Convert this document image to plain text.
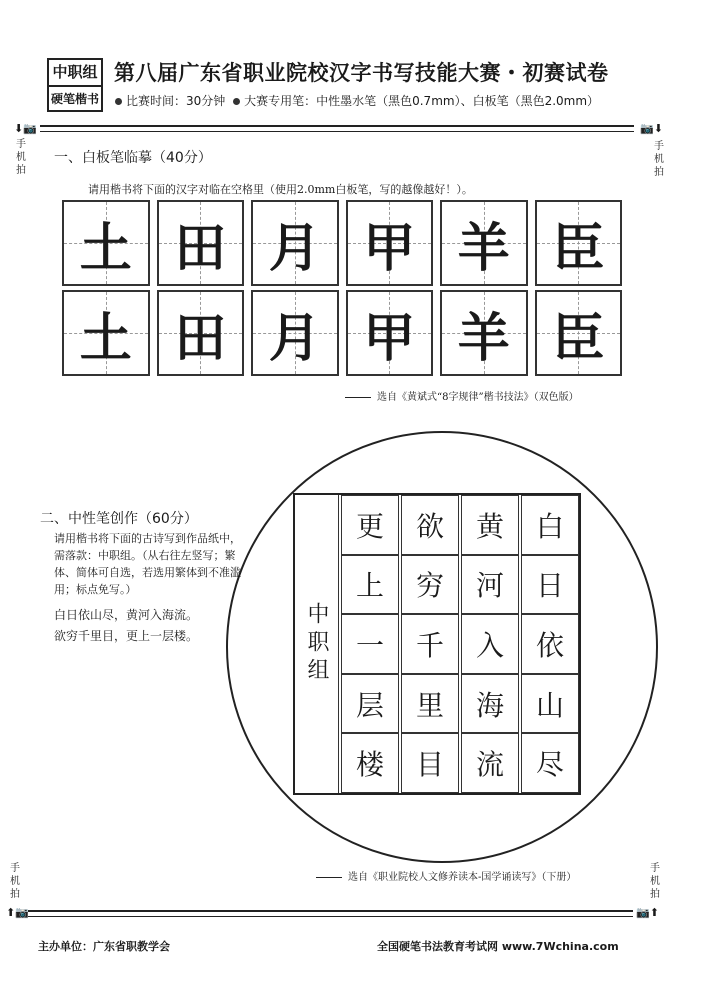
中职组
硬笔楷书
第八届广东省职业院校汉字书写技能大赛・初赛试卷
比赛时间：30分钟 大赛专用笔：中性墨水笔（黑色0.7mm）、白板笔（黑色2.0mm）
⬇📷
手机拍
📷⬇
手机拍
手机拍
⬆📷
手机拍
📷⬆
一、白板笔临摹（40分）
请用楷书将下面的汉字对临在空格里（使用2.0mm白板笔，写的越像越好！）。
土 田 月 甲 羊 臣
土 田 月 甲 羊 臣
选自《黄斌式“8字规律”楷书技法》（双色版）
二、中性笔创作（60分）
请用楷书将下面的古诗写到作品纸中，需落款：中职组。（从右往左竖写；繁体、简体可自选，若选用繁体到不准滥用；标点免写。）
白日依山尽，黄河入海流。
欲穷千里目，更上一层楼。	中职组
更
上
一
层
楼
欲
穷
千
里
目
黄
河
入
海
流
白
日
依
山
尽
选自《职业院校人文修养读本-国学诵读写》（下册）
主办单位：广东省职教学会	全国硬笔书法教育考试网 www.7Wchina.com
